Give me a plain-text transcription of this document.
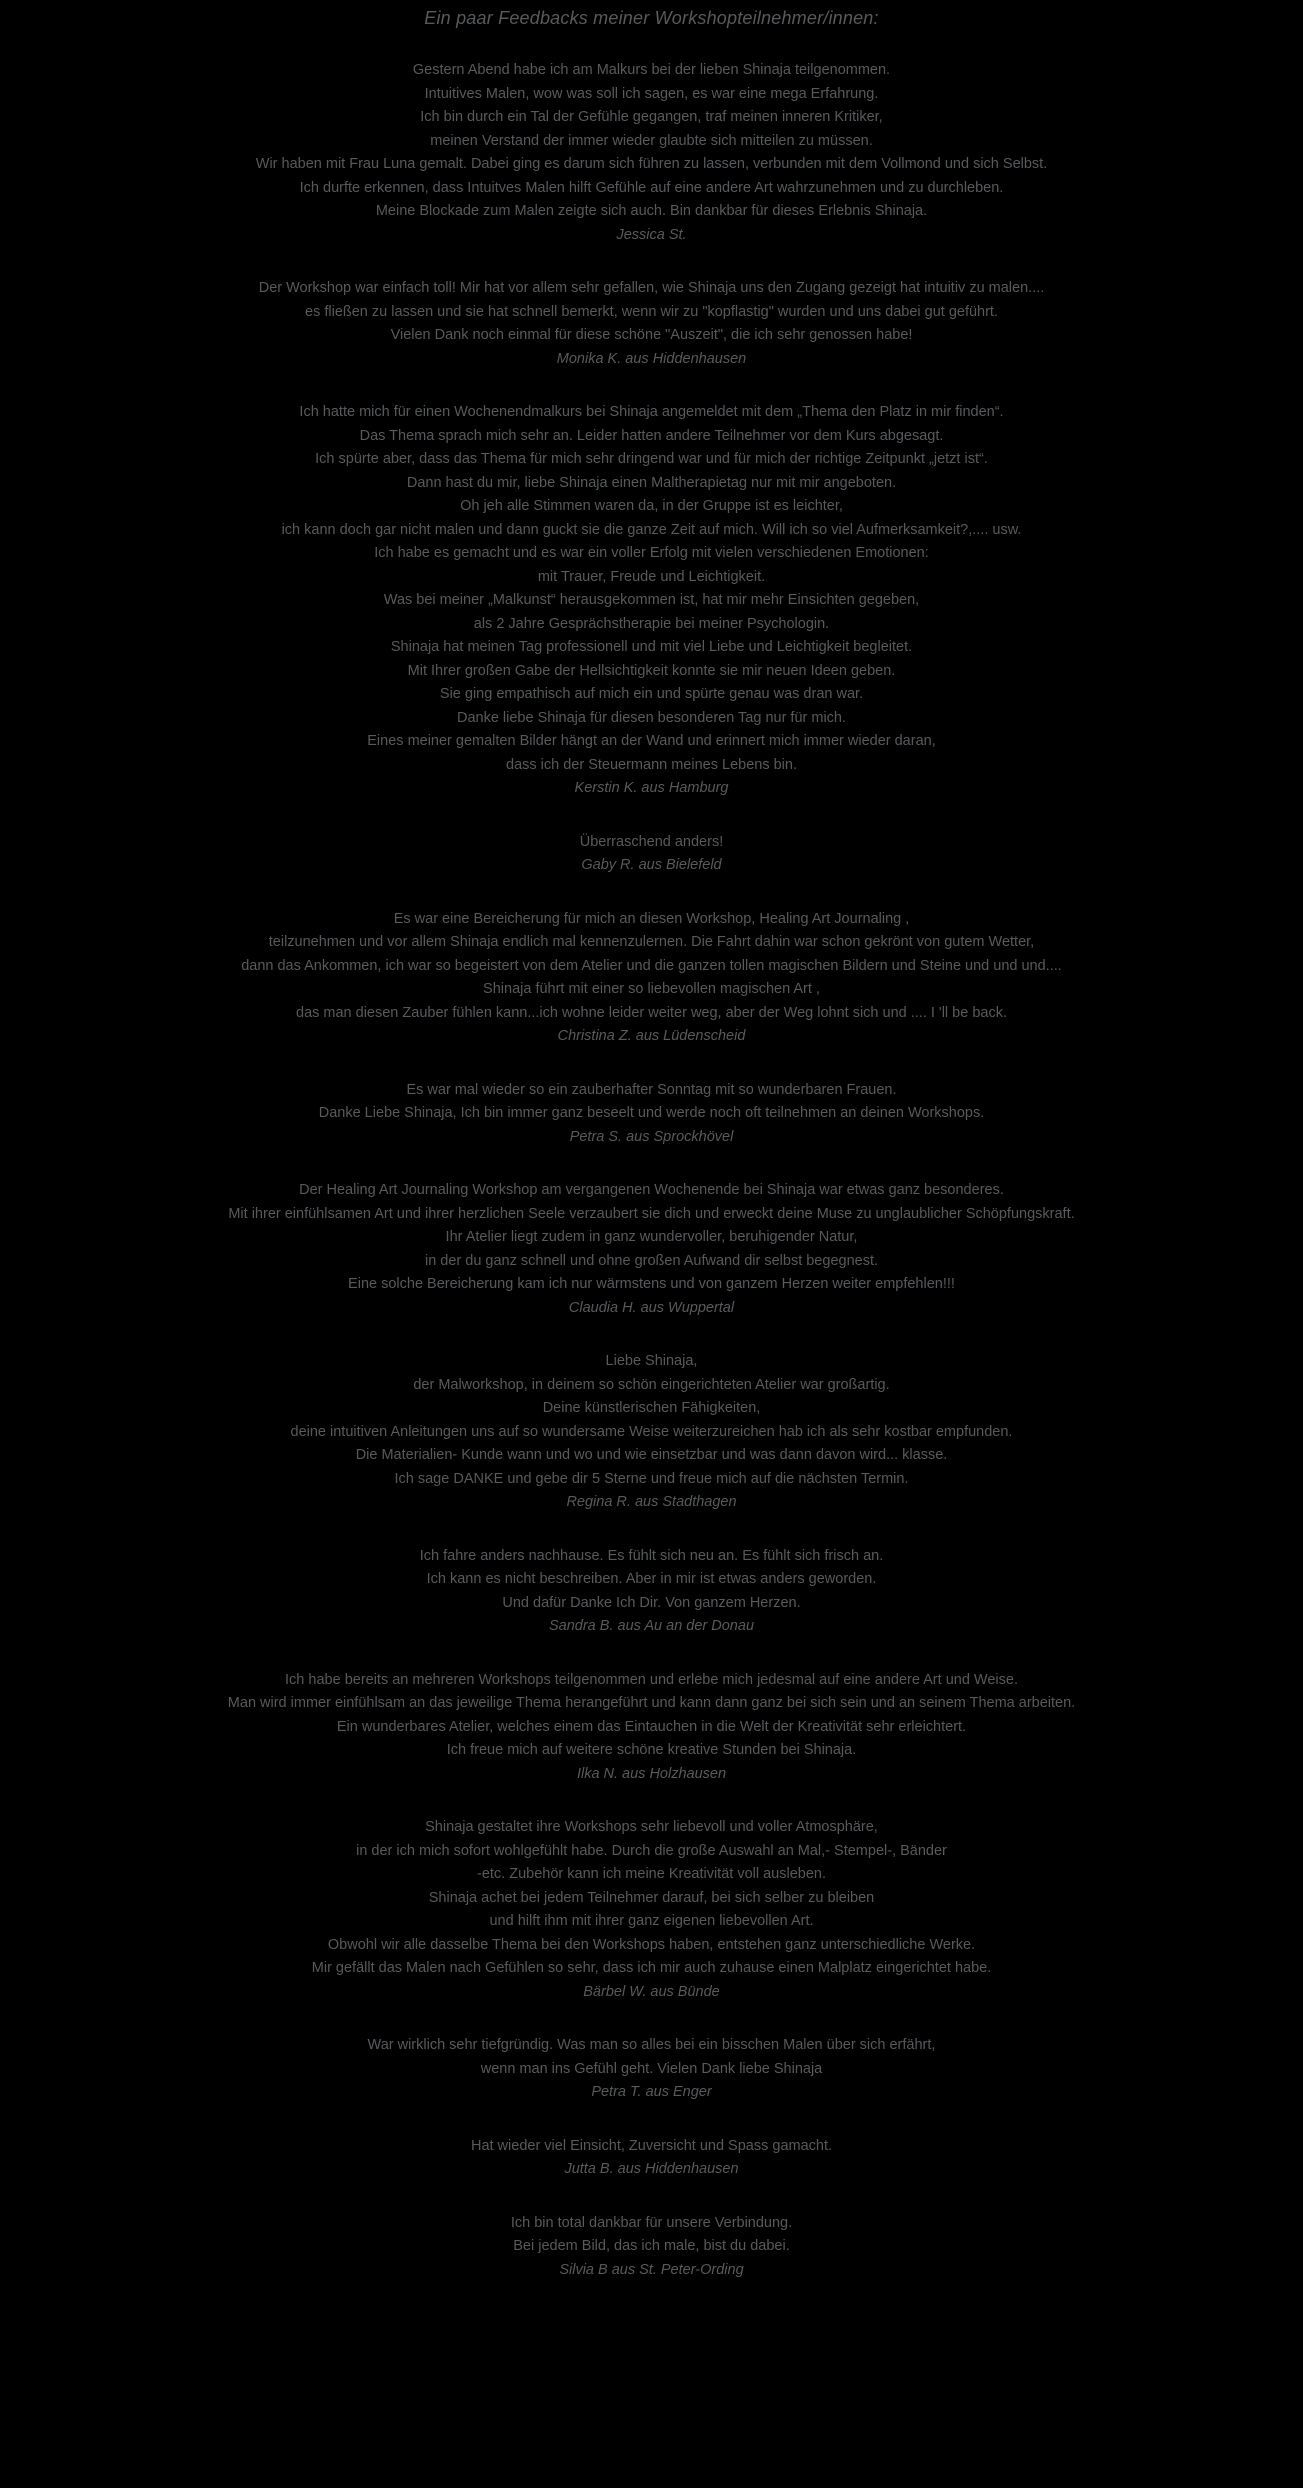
Ein paar Feedbacks meiner Workshopteilnehmer/innen:
Gestern Abend habe ich am Malkurs bei der lieben Shinaja teilgenommen.
Intuitives Malen, wow was soll ich sagen, es war eine mega Erfahrung.
Ich bin durch ein Tal der Gefühle gegangen, traf meinen inneren Kritiker,
meinen Verstand der immer wieder glaubte sich mitteilen zu müssen.
Wir haben mit Frau Luna gemalt. Dabei ging es darum sich führen zu lassen, verbunden mit dem Vollmond und sich Selbst.
Ich durfte erkennen, dass Intuitves Malen hilft Gefühle auf eine andere Art wahrzunehmen und zu durchleben.
Meine Blockade zum Malen zeigte sich auch. Bin dankbar für dieses Erlebnis Shinaja.
Jessica St.
Der Workshop war einfach toll! Mir hat vor allem sehr gefallen, wie Shinaja uns den Zugang gezeigt hat intuitiv zu malen....
es fließen zu lassen und sie hat schnell bemerkt, wenn wir zu "kopflastig" wurden und uns dabei gut geführt.
Vielen Dank noch einmal für diese schöne "Auszeit", die ich sehr genossen habe!
Monika K. aus Hiddenhausen
Ich hatte mich für einen Wochenendmalkurs bei Shinaja angemeldet mit dem „Thema den Platz in mir finden“.
Das Thema sprach mich sehr an. Leider hatten andere Teilnehmer vor dem Kurs abgesagt.
Ich spürte aber, dass das Thema für mich sehr dringend war und für mich der richtige Zeitpunkt „jetzt ist“.
Dann hast du mir, liebe Shinaja einen Maltherapietag nur mit mir angeboten.
Oh jeh alle Stimmen waren da, in der Gruppe ist es leichter,
ich kann doch gar nicht malen und dann guckt sie die ganze Zeit auf mich. Will ich so viel Aufmerksamkeit?,.... usw.
Ich habe es gemacht und es war ein voller Erfolg mit vielen verschiedenen Emotionen:
mit Trauer, Freude und Leichtigkeit.
Was bei meiner „Malkunst“ herausgekommen ist, hat mir mehr Einsichten gegeben,
als 2 Jahre Gesprächstherapie bei meiner Psychologin.
Shinaja hat meinen Tag professionell und mit viel Liebe und Leichtigkeit begleitet.
Mit Ihrer großen Gabe der Hellsichtigkeit konnte sie mir neuen Ideen geben.
Sie ging empathisch auf mich ein und spürte genau was dran war.
Danke liebe Shinaja für diesen besonderen Tag nur für mich.
Eines meiner gemalten Bilder hängt an der Wand und erinnert mich immer wieder daran,
dass ich der Steuermann meines Lebens bin.
Kerstin K. aus Hamburg
Überraschend anders!
Gaby R. aus Bielefeld
Es war eine Bereicherung für mich an diesen Workshop, Healing Art Journaling ,
teilzunehmen und vor allem Shinaja endlich mal kennenzulernen. Die Fahrt dahin war schon gekrönt von gutem Wetter,
dann das Ankommen, ich war so begeistert von dem Atelier und die ganzen tollen magischen Bildern und Steine und und und....
Shinaja führt mit einer so liebevollen magischen Art ,
das man diesen Zauber fühlen kann...ich wohne leider weiter weg, aber der Weg lohnt sich und .... I 'll be back.
Christina Z. aus Lüdenscheid
Es war mal wieder so ein zauberhafter Sonntag mit so wunderbaren Frauen.
Danke Liebe Shinaja, Ich bin immer ganz beseelt und werde noch oft teilnehmen an deinen Workshops.
Petra S. aus Sprockhövel
Der Healing Art Journaling Workshop am vergangenen Wochenende bei Shinaja war etwas ganz besonderes.
Mit ihrer einfühlsamen Art und ihrer herzlichen Seele verzaubert sie dich und erweckt deine Muse zu unglaublicher Schöpfungskraft.
Ihr Atelier liegt zudem in ganz wundervoller, beruhigender Natur,
in der du ganz schnell und ohne großen Aufwand dir selbst begegnest.
Eine solche Bereicherung kam ich nur wärmstens und von ganzem Herzen weiter empfehlen!!!
Claudia H. aus Wuppertal
Liebe Shinaja,
der Malworkshop, in deinem so schön eingerichteten Atelier war großartig.
Deine künstlerischen Fähigkeiten,
deine intuitiven Anleitungen uns auf so wundersame Weise weiterzureichen hab ich als sehr kostbar empfunden.
Die Materialien- Kunde wann und wo und wie einsetzbar und was dann davon wird... klasse.
Ich sage DANKE und gebe dir 5 Sterne und freue mich auf die nächsten Termin.
Regina R. aus Stadthagen
Ich fahre anders nachhause. Es fühlt sich neu an. Es fühlt sich frisch an.
Ich kann es nicht beschreiben. Aber in mir ist etwas anders geworden.
Und dafür Danke Ich Dir. Von ganzem Herzen.
Sandra B. aus Au an der Donau
Ich habe bereits an mehreren Workshops teilgenommen und erlebe mich jedesmal auf eine andere Art und Weise.
Man wird immer einfühlsam an das jeweilige Thema herangeführt und kann dann ganz bei sich sein und an seinem Thema arbeiten.
Ein wunderbares Atelier, welches einem das Eintauchen in die Welt der Kreativität sehr erleichtert.
Ich freue mich auf weitere schöne kreative Stunden bei Shinaja.
Ilka N. aus Holzhausen
Shinaja gestaltet ihre Workshops sehr liebevoll und voller Atmosphäre,
in der ich mich sofort wohlgefühlt habe. Durch die große Auswahl an Mal,- Stempel-, Bänder
-etc. Zubehör kann ich meine Kreativität voll ausleben.
Shinaja achet bei jedem Teilnehmer darauf, bei sich selber zu bleiben
und hilft ihm mit ihrer ganz eigenen liebevollen Art.
Obwohl wir alle dasselbe Thema bei den Workshops haben, entstehen ganz unterschiedliche Werke.
Mir gefällt das Malen nach Gefühlen so sehr, dass ich mir auch zuhause einen Malplatz eingerichtet habe.
Bärbel W. aus Bünde
War wirklich sehr tiefgründig. Was man so alles bei ein bisschen Malen über sich erfährt,
wenn man ins Gefühl geht. Vielen Dank liebe Shinaja
Petra T. aus Enger
Hat wieder viel Einsicht, Zuversicht und Spass gamacht.
Jutta B. aus Hiddenhausen
Ich bin total dankbar für unsere Verbindung.
Bei jedem Bild, das ich male, bist du dabei.
Silvia B aus St. Peter-Ording
